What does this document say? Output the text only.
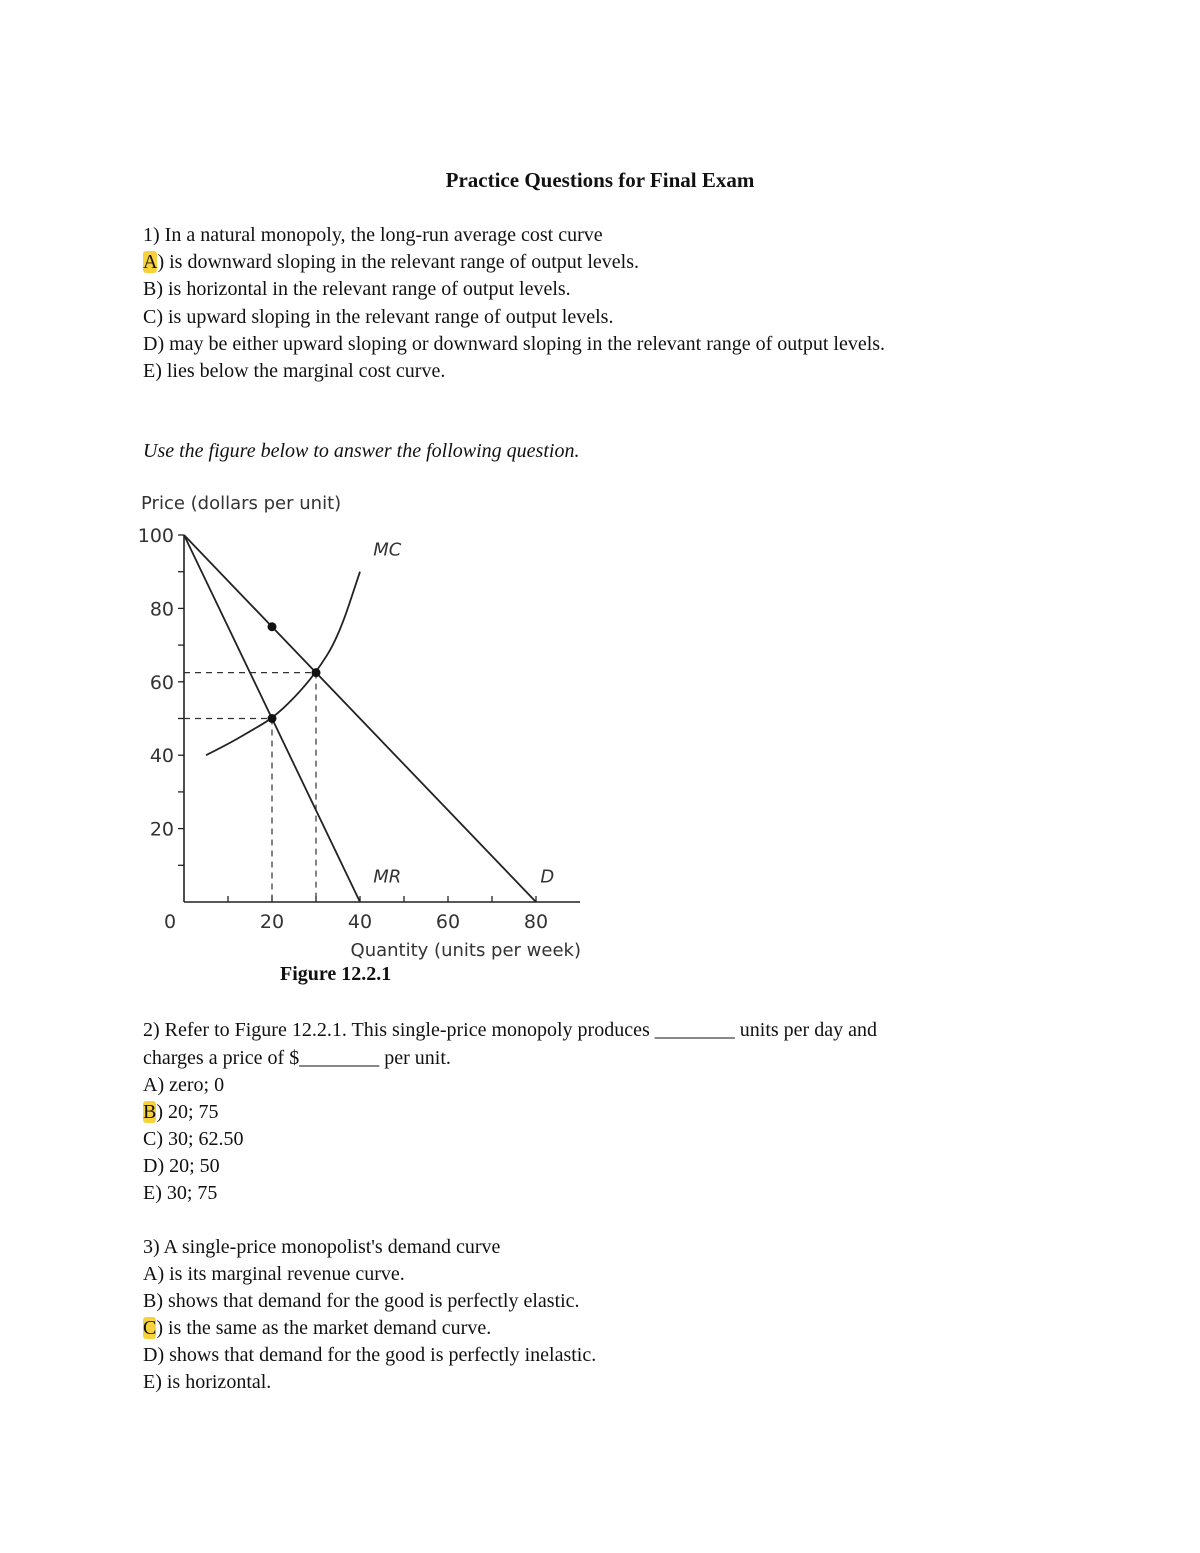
Practice Questions for Final Exam
1) In a natural monopoly, the long-run average cost curve
A) is downward sloping in the relevant range of output levels.
B) is horizontal in the relevant range of output levels.
C) is upward sloping in the relevant range of output levels.
D) may be either upward sloping or downward sloping in the relevant range of output levels.
E) lies below the marginal cost curve.
Use the figure below to answer the following question.
20
40
60
80
100
0	20	40	60	80
Price (dollars per unit)
Quantity (units per week)
MC
MR	D
Figure 12.2.1
2) Refer to Figure 12.2.1. This single-price monopoly produces ________ units per day and
charges a price of $________ per unit.
A) zero; 0
B) 20; 75
C) 30; 62.50
D) 20; 50
E) 30; 75
3) A single-price monopolist's demand curve
A) is its marginal revenue curve.
B) shows that demand for the good is perfectly elastic.
C) is the same as the market demand curve.
D) shows that demand for the good is perfectly inelastic.
E) is horizontal.
